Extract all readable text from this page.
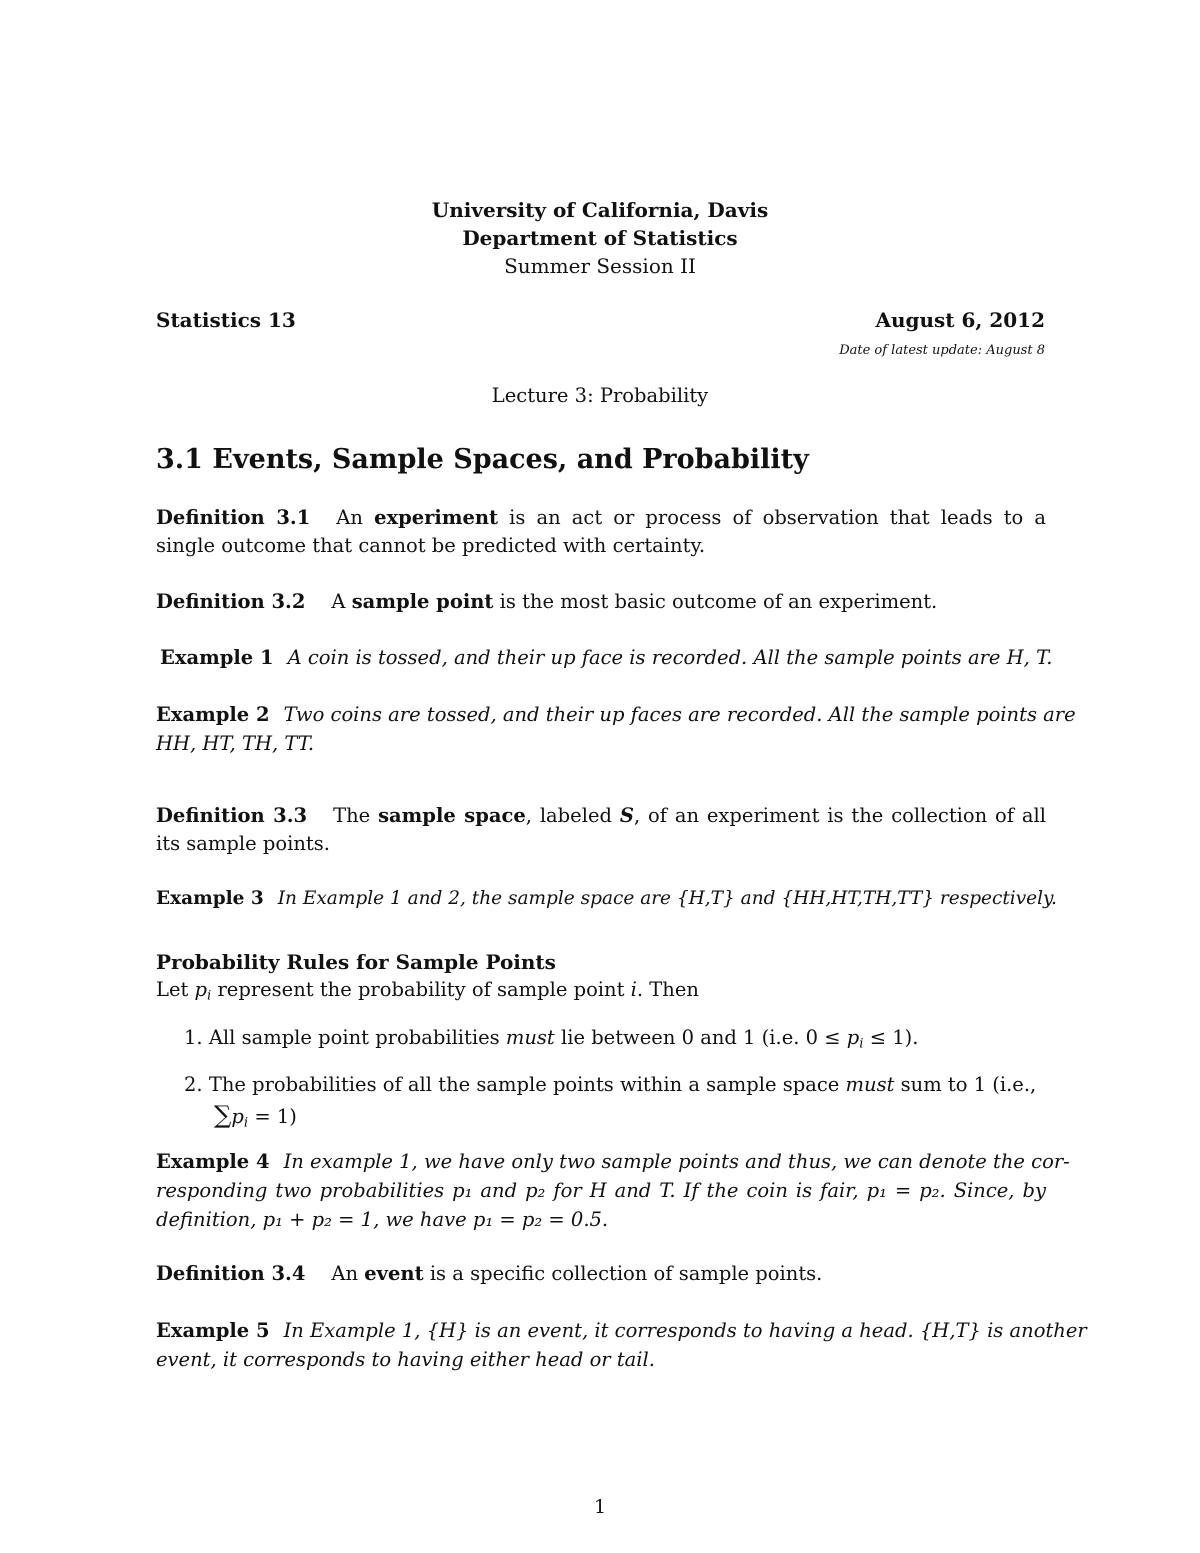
University of California, Davis
Department of Statistics
Summer Session II
Statistics 13	August 6, 2012
Date of latest update: August 8
Lecture 3: Probability
3.1 Events, Sample Spaces, and Probability
Definition 3.1 An experiment is an act or process of observation that leads to a
single outcome that cannot be predicted with certainty.
Definition 3.2 A sample point is the most basic outcome of an experiment.
Example 1 A coin is tossed, and their up face is recorded. All the sample points are H, T.
Example 2 Two coins are tossed, and their up faces are recorded. All the sample points are
HH, HT, TH, TT.
Definition 3.3 The sample space, labeled S, of an experiment is the collection of all
its sample points.
Example 3 In Example 1 and 2, the sample space are {H,T} and {HH,HT,TH,TT} respectively.
Probability Rules for Sample Points
Let $p_i$ represent the probability of sample point i. Then
1. All sample point probabilities must lie between 0 and 1 (i.e. $0 \le p_i \le 1$).
2. The probabilities of all the sample points within a sample space must sum to 1 (i.e.,
$\sum p_i = 1$)
Example 4 In example 1, we have only two sample points and thus, we can denote the cor-
responding two probabilities p₁ and p₂ for H and T. If the coin is fair, p₁ = p₂. Since, by
definition, p₁ + p₂ = 1, we have p₁ = p₂ = 0.5.
Definition 3.4 An event is a specific collection of sample points.
Example 5 In Example 1, {H} is an event, it corresponds to having a head. {H,T} is another
event, it corresponds to having either head or tail.
1
